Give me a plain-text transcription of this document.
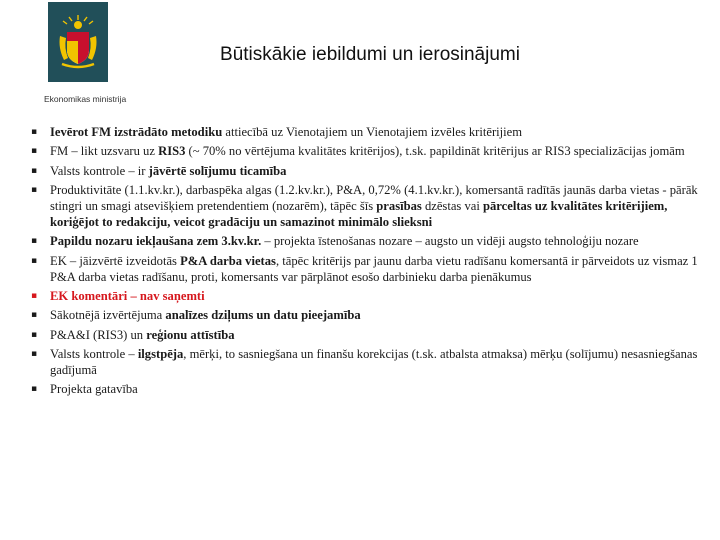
Ekonomikas ministrija
Būtiskākie iebildumi un ierosinājumi
▪ Ievērot FM izstrādāto metodiku attiecībā uz Vienotajiem un Vienotajiem izvēles kritērijiem
▪ FM – likt uzsvaru uz RIS3 (~ 70% no vērtējuma kvalitātes kritērijos), t.sk. papildināt kritērijus ar RIS3 specializācijas jomām
▪ Valsts kontrole – ir jāvērtē solījumu ticamība
▪ Produktivitāte (1.1.kv.kr.), darbaspēka algas (1.2.kv.kr.), P&A, 0,72% (4.1.kv.kr.), komersantā radītās jaunās darba vietas - pārāk stingri un smagi atsevišķiem pretendentiem (nozarēm), tāpēc šīs prasības dzēstas vai pārceltas uz kvalitātes kritērijiem, koriģējot to redakciju, veicot gradāciju un samazinot minimālo slieksni
▪ Papildu nozaru iekļaušana zem 3.kv.kr. – projekta īstenošanas nozare – augsto un vidēji augsto tehnoloģiju nozare
▪ EK – jāizvērtē izveidotās P&A darba vietas, tāpēc kritērijs par jaunu darba vietu radīšanu komersantā ir pārveidots uz vismaz 1 P&A darba vietas radīšanu, proti, komersants var pārplānot esošo darbinieku darba pienākumus
▪ EK komentāri – nav saņemti
▪ Sākotnējā izvērtējuma analīzes dziļums un datu pieejamība
▪ P&A&I (RIS3) un reģionu attīstība
▪ Valsts kontrole – ilgstpēja, mērķi, to sasniegšana un finanšu korekcijas (t.sk. atbalsta atmaksa) mērķu (solījumu) nesasniegšanas gadījumā
▪ Projekta gatavība
